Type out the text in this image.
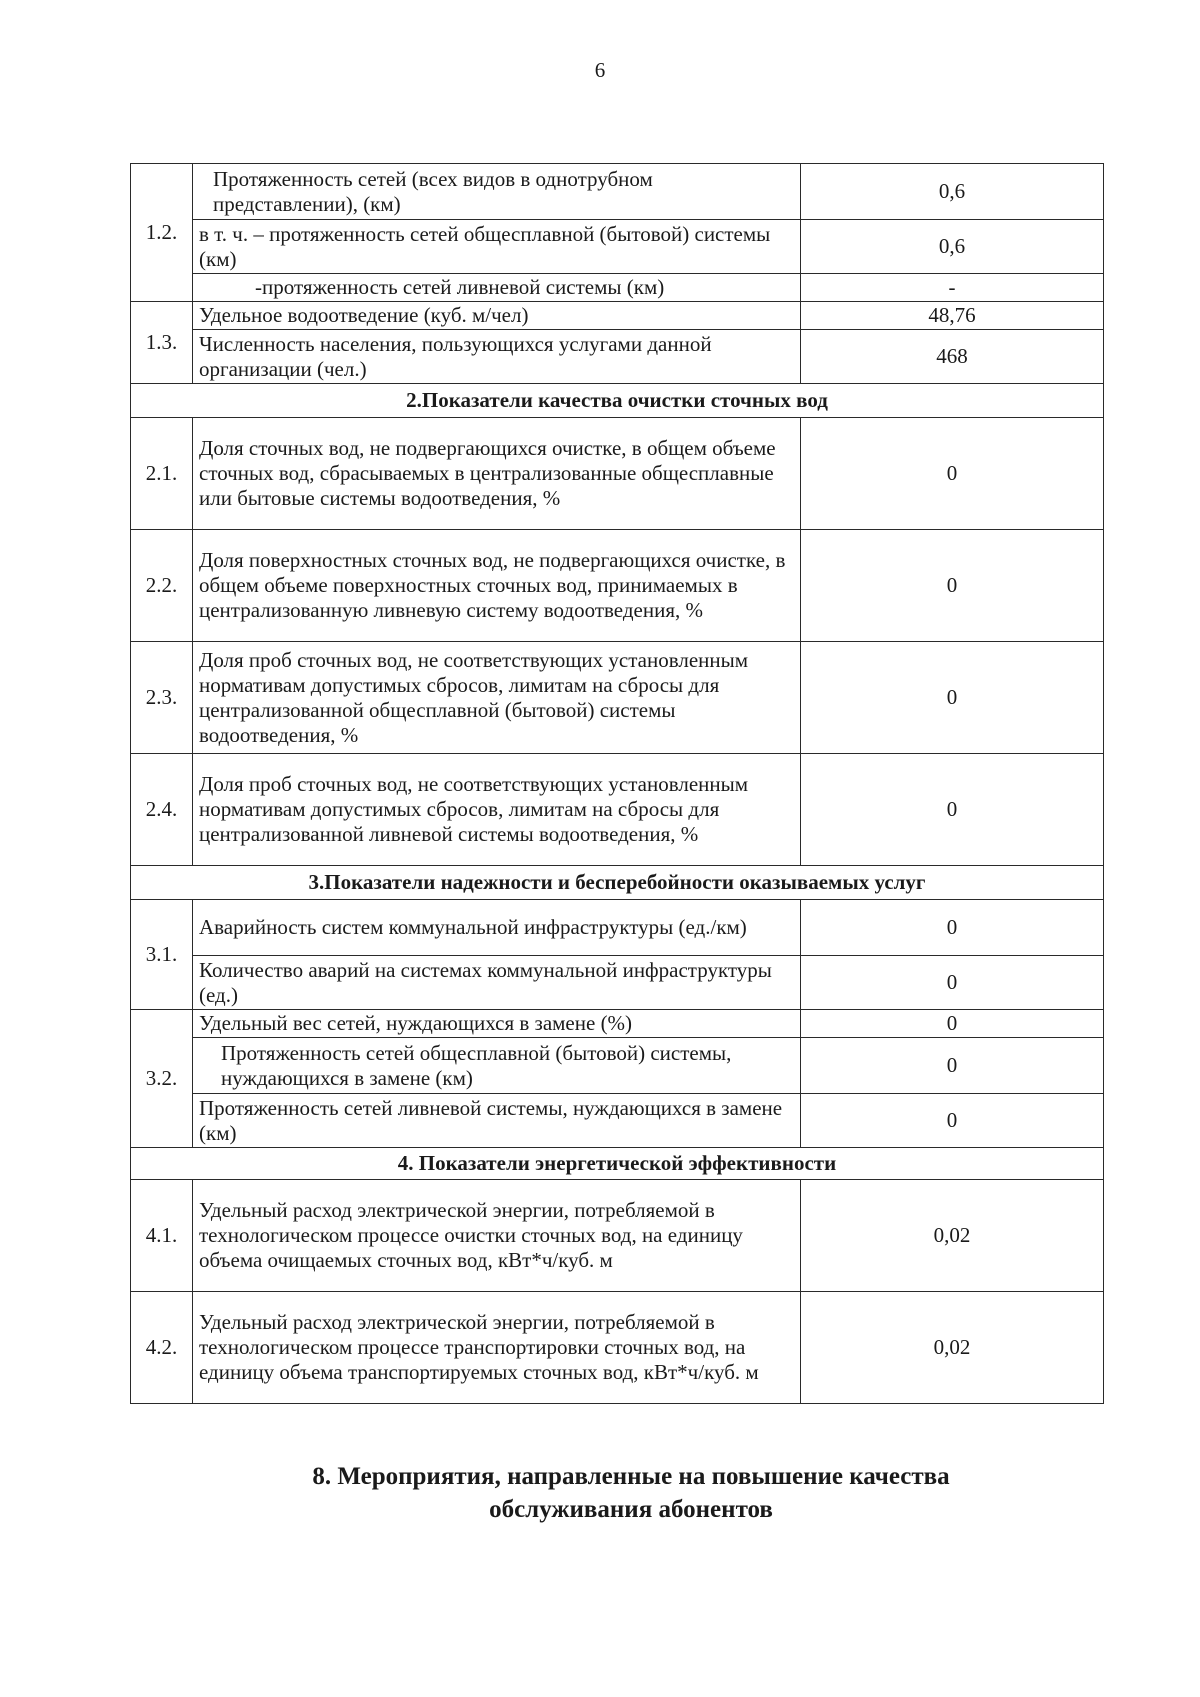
6
1.2.	Протяженность сетей (всех видов в однотрубном представлении), (км)	0,6
	в т. ч. – протяженность сетей общесплавной (бытовой) системы (км)	0,6
	-протяженность сетей ливневой системы (км)	-
1.3.	Удельное водоотведение (куб. м/чел)	48,76
	Численность населения, пользующихся услугами данной организации (чел.)	468
2.Показатели качества очистки сточных вод		
2.1.	Доля сточных вод, не подвергающихся очистке, в общем объеме сточных вод, сбрасываемых в централизованные общесплавные или бытовые системы водоотведения, %	0
2.2.	Доля поверхностных сточных вод, не подвергающихся очистке, в общем объеме поверхностных сточных вод, принимаемых в централизованную ливневую систему водоотведения, %	0
2.3.	Доля проб сточных вод, не соответствующих установленным нормативам допустимых сбросов, лимитам на сбросы для централизованной общесплавной (бытовой) системы водоотведения, %	0
2.4.	Доля проб сточных вод, не соответствующих установленным нормативам допустимых сбросов, лимитам на сбросы для централизованной ливневой системы водоотведения, %	0
3.Показатели надежности и бесперебойности оказываемых услуг		
3.1.	Аварийность систем коммунальной инфраструктуры (ед./км)	0
	Количество аварий на системах коммунальной инфраструктуры (ед.)	0
3.2.	Удельный вес сетей, нуждающихся в замене (%)	0
	Протяженность сетей общесплавной (бытовой) системы, нуждающихся в замене (км)	0
	Протяженность сетей ливневой системы, нуждающихся в замене (км)	0
4. Показатели энергетической эффективности		
4.1.	Удельный расход электрической энергии, потребляемой в технологическом процессе очистки сточных вод, на единицу объема очищаемых сточных вод, кВт*ч/куб. м	0,02
4.2.	Удельный расход электрической энергии, потребляемой в технологическом процессе транспортировки сточных вод, на единицу объема транспортируемых сточных вод, кВт*ч/куб. м	0,02
8. Мероприятия, направленные на повышение качества
обслуживания абонентов
